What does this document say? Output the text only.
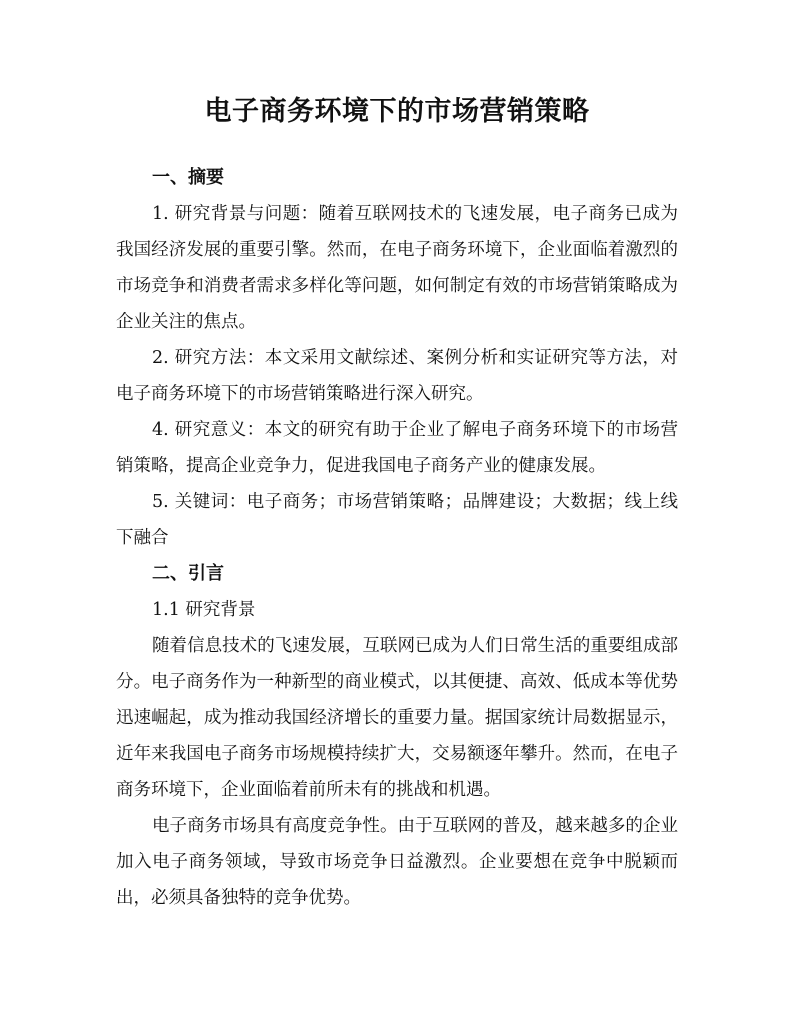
电子商务环境下的市场营销策略

一、摘要

1. 研究背景与问题：随着互联网技术的飞速发展，电子商务已成为我国经济发展的重要引擎。然而，在电子商务环境下，企业面临着激烈的市场竞争和消费者需求多样化等问题，如何制定有效的市场营销策略成为企业关注的焦点。

2. 研究方法：本文采用文献综述、案例分析和实证研究等方法，对电子商务环境下的市场营销策略进行深入研究。

4. 研究意义：本文的研究有助于企业了解电子商务环境下的市场营销策略，提高企业竞争力，促进我国电子商务产业的健康发展。

5. 关键词：电子商务；市场营销策略；品牌建设；大数据；线上线下融合

二、引言

1.1 研究背景

随着信息技术的飞速发展，互联网已成为人们日常生活的重要组成部分。电子商务作为一种新型的商业模式，以其便捷、高效、低成本等优势迅速崛起，成为推动我国经济增长的重要力量。据国家统计局数据显示，近年来我国电子商务市场规模持续扩大，交易额逐年攀升。然而，在电子商务环境下，企业面临着前所未有的挑战和机遇。

电子商务市场具有高度竞争性。由于互联网的普及，越来越多的企业加入电子商务领域，导致市场竞争日益激烈。企业要想在竞争中脱颖而出，必须具备独特的竞争优势。
